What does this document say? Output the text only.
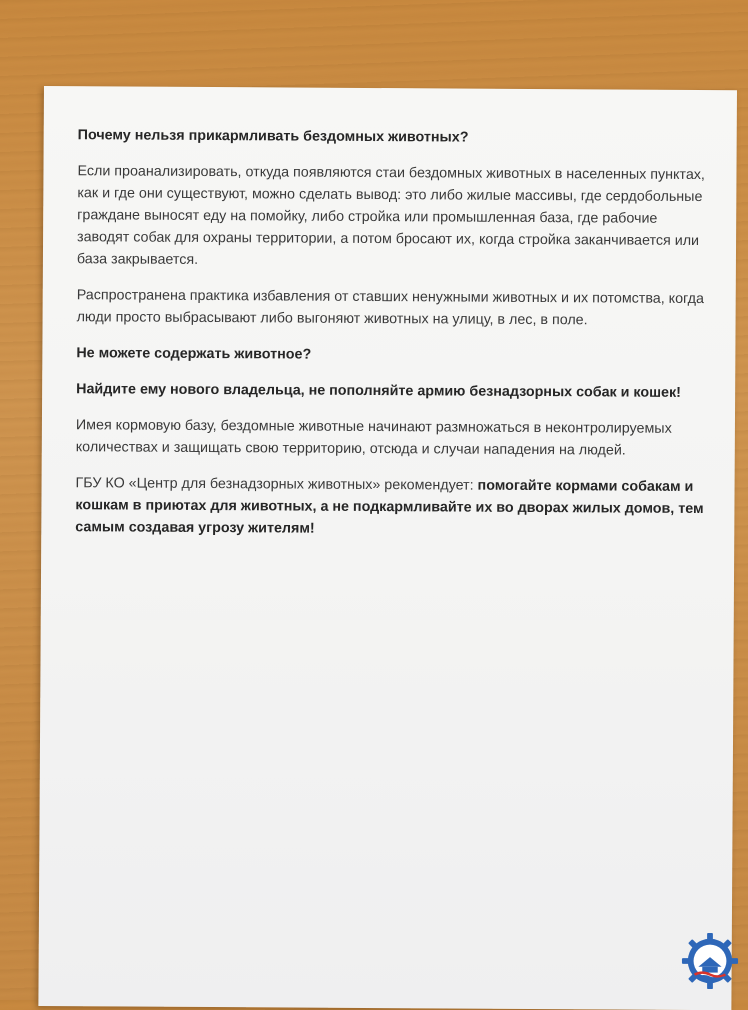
Почему нельзя прикармливать бездомных животных?

Если проанализировать, откуда появляются стаи бездомных животных в населенных пунктах, как и где они существуют, можно сделать вывод: это либо жилые массивы, где сердобольные граждане выносят еду на помойку, либо стройка или промышленная база, где рабочие заводят собак для охраны территории, а потом бросают их, когда стройка заканчивается или база закрывается.

Распространена практика избавления от ставших ненужными животных и их потомства, когда люди просто выбрасывают либо выгоняют животных на улицу, в лес, в поле.

Не можете содержать животное?

Найдите ему нового владельца, не пополняйте армию безнадзорных собак и кошек!

Имея кормовую базу, бездомные животные начинают размножаться в неконтролируемых количествах и защищать свою территорию, отсюда и случаи нападения на людей.

ГБУ КО «Центр для безнадзорных животных» рекомендует: помогайте кормами собакам и кошкам в приютах для животных, а не подкармливайте их во дворах жилых домов, тем самым создавая угрозу жителям!
